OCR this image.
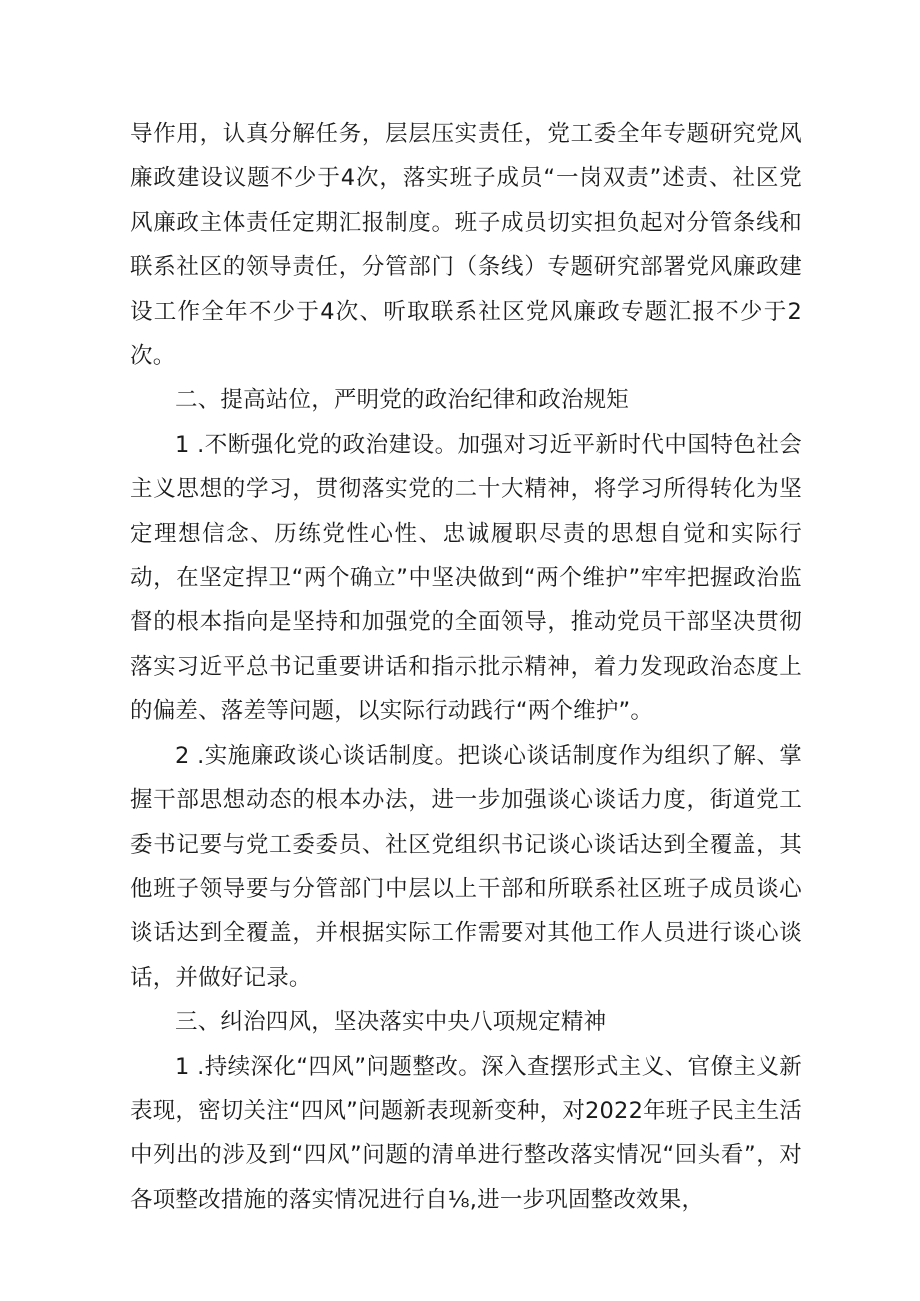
导作用，认真分解任务，层层压实责任，党工委全年专题研究党风廉政建设议题不少于4次，落实班子成员“一岗双责”述责、社区党风廉政主体责任定期汇报制度。班子成员切实担负起对分管条线和联系社区的领导责任，分管部门（条线）专题研究部署党风廉政建设工作全年不少于4次、听取联系社区党风廉政专题汇报不少于2次。

二、提高站位，严明党的政治纪律和政治规矩

1 .不断强化党的政治建设。加强对习近平新时代中国特色社会主义思想的学习，贯彻落实党的二十大精神，将学习所得转化为坚定理想信念、历练党性心性、忠诚履职尽责的思想自觉和实际行动，在坚定捍卫“两个确立”中坚决做到“两个维护”牢牢把握政治监督的根本指向是坚持和加强党的全面领导，推动党员干部坚决贯彻落实习近平总书记重要讲话和指示批示精神，着力发现政治态度上的偏差、落差等问题，以实际行动践行“两个维护”。

2 .实施廉政谈心谈话制度。把谈心谈话制度作为组织了解、掌握干部思想动态的根本办法，进一步加强谈心谈话力度，街道党工委书记要与党工委委员、社区党组织书记谈心谈话达到全覆盖，其他班子领导要与分管部门中层以上干部和所联系社区班子成员谈心谈话达到全覆盖，并根据实际工作需要对其他工作人员进行谈心谈话，并做好记录。

三、纠治四风，坚决落实中央八项规定精神

1 .持续深化“四风”问题整改。深入查摆形式主义、官僚主义新表现，密切关注“四风”问题新表现新变种，对2022年班子民主生活中列出的涉及到“四风”问题的清单进行整改落实情况“回头看”，对各项整改措施的落实情况进行自⅛,进一步巩固整改效果，
